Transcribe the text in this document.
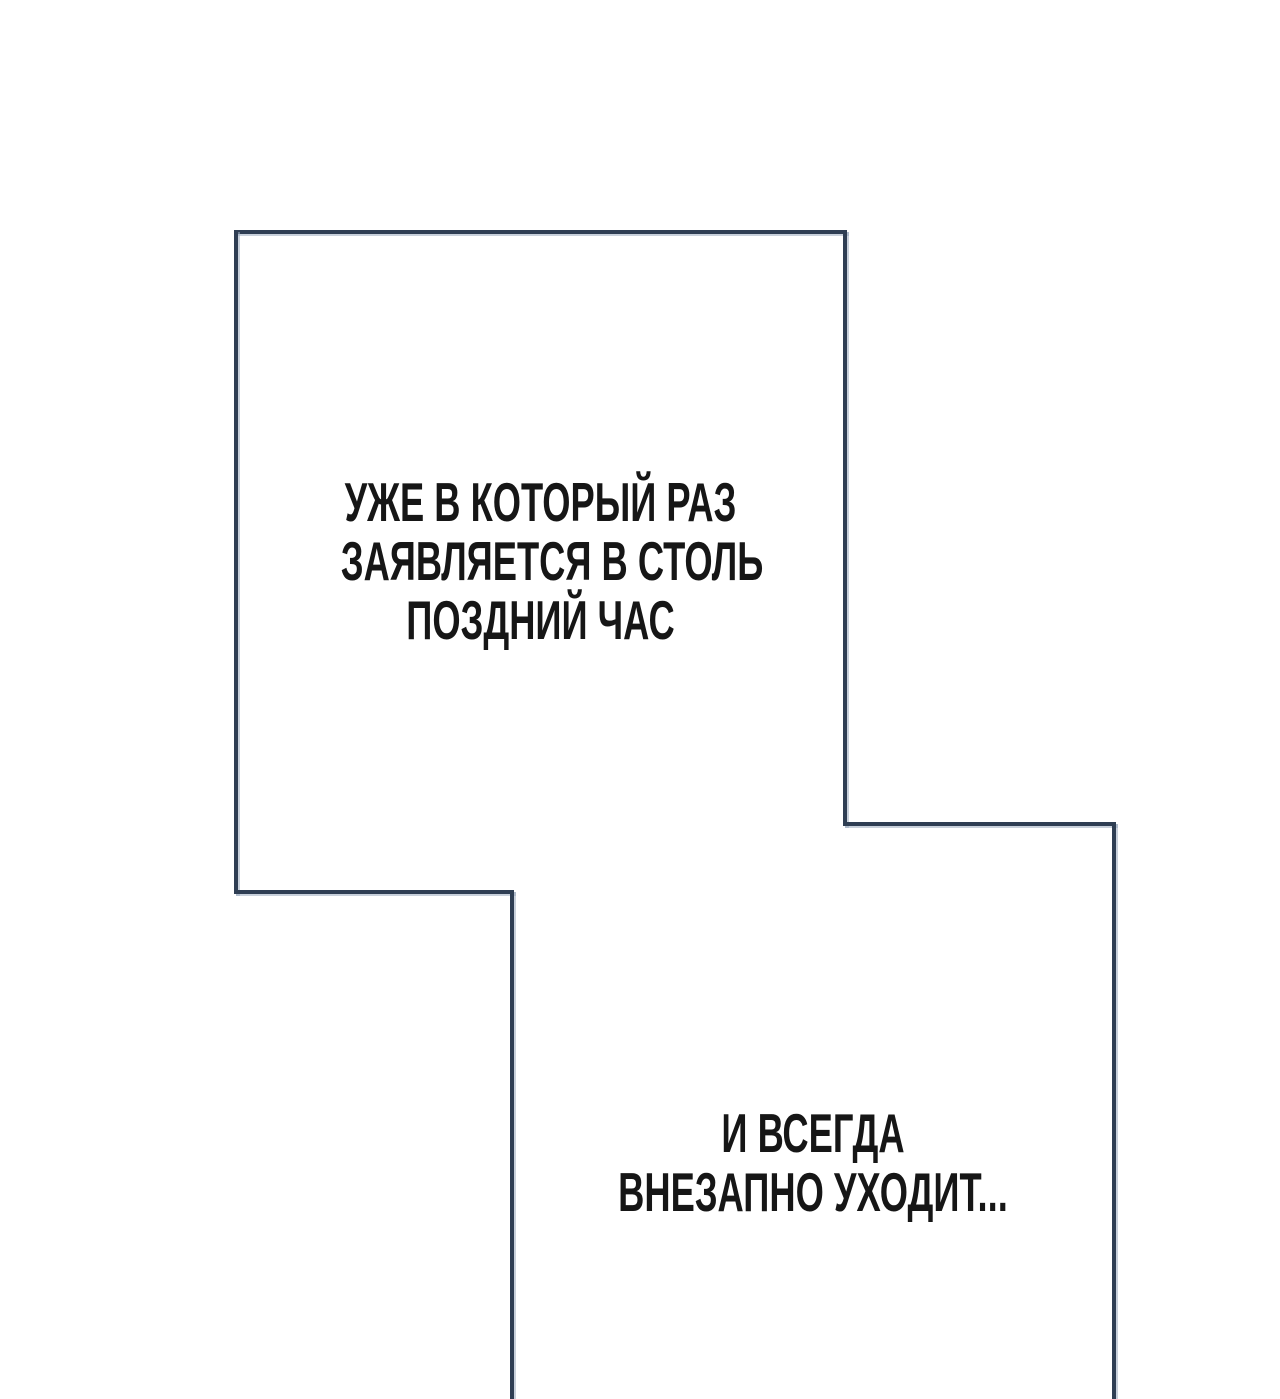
УЖЕ В КОТОРЫЙ РАЗ
ЗАЯВЛЯЕТСЯ В СТОЛЬ
ПОЗДНИЙ ЧАС
И ВСЕГДА
ВНЕЗАПНО УХОДИТ...
